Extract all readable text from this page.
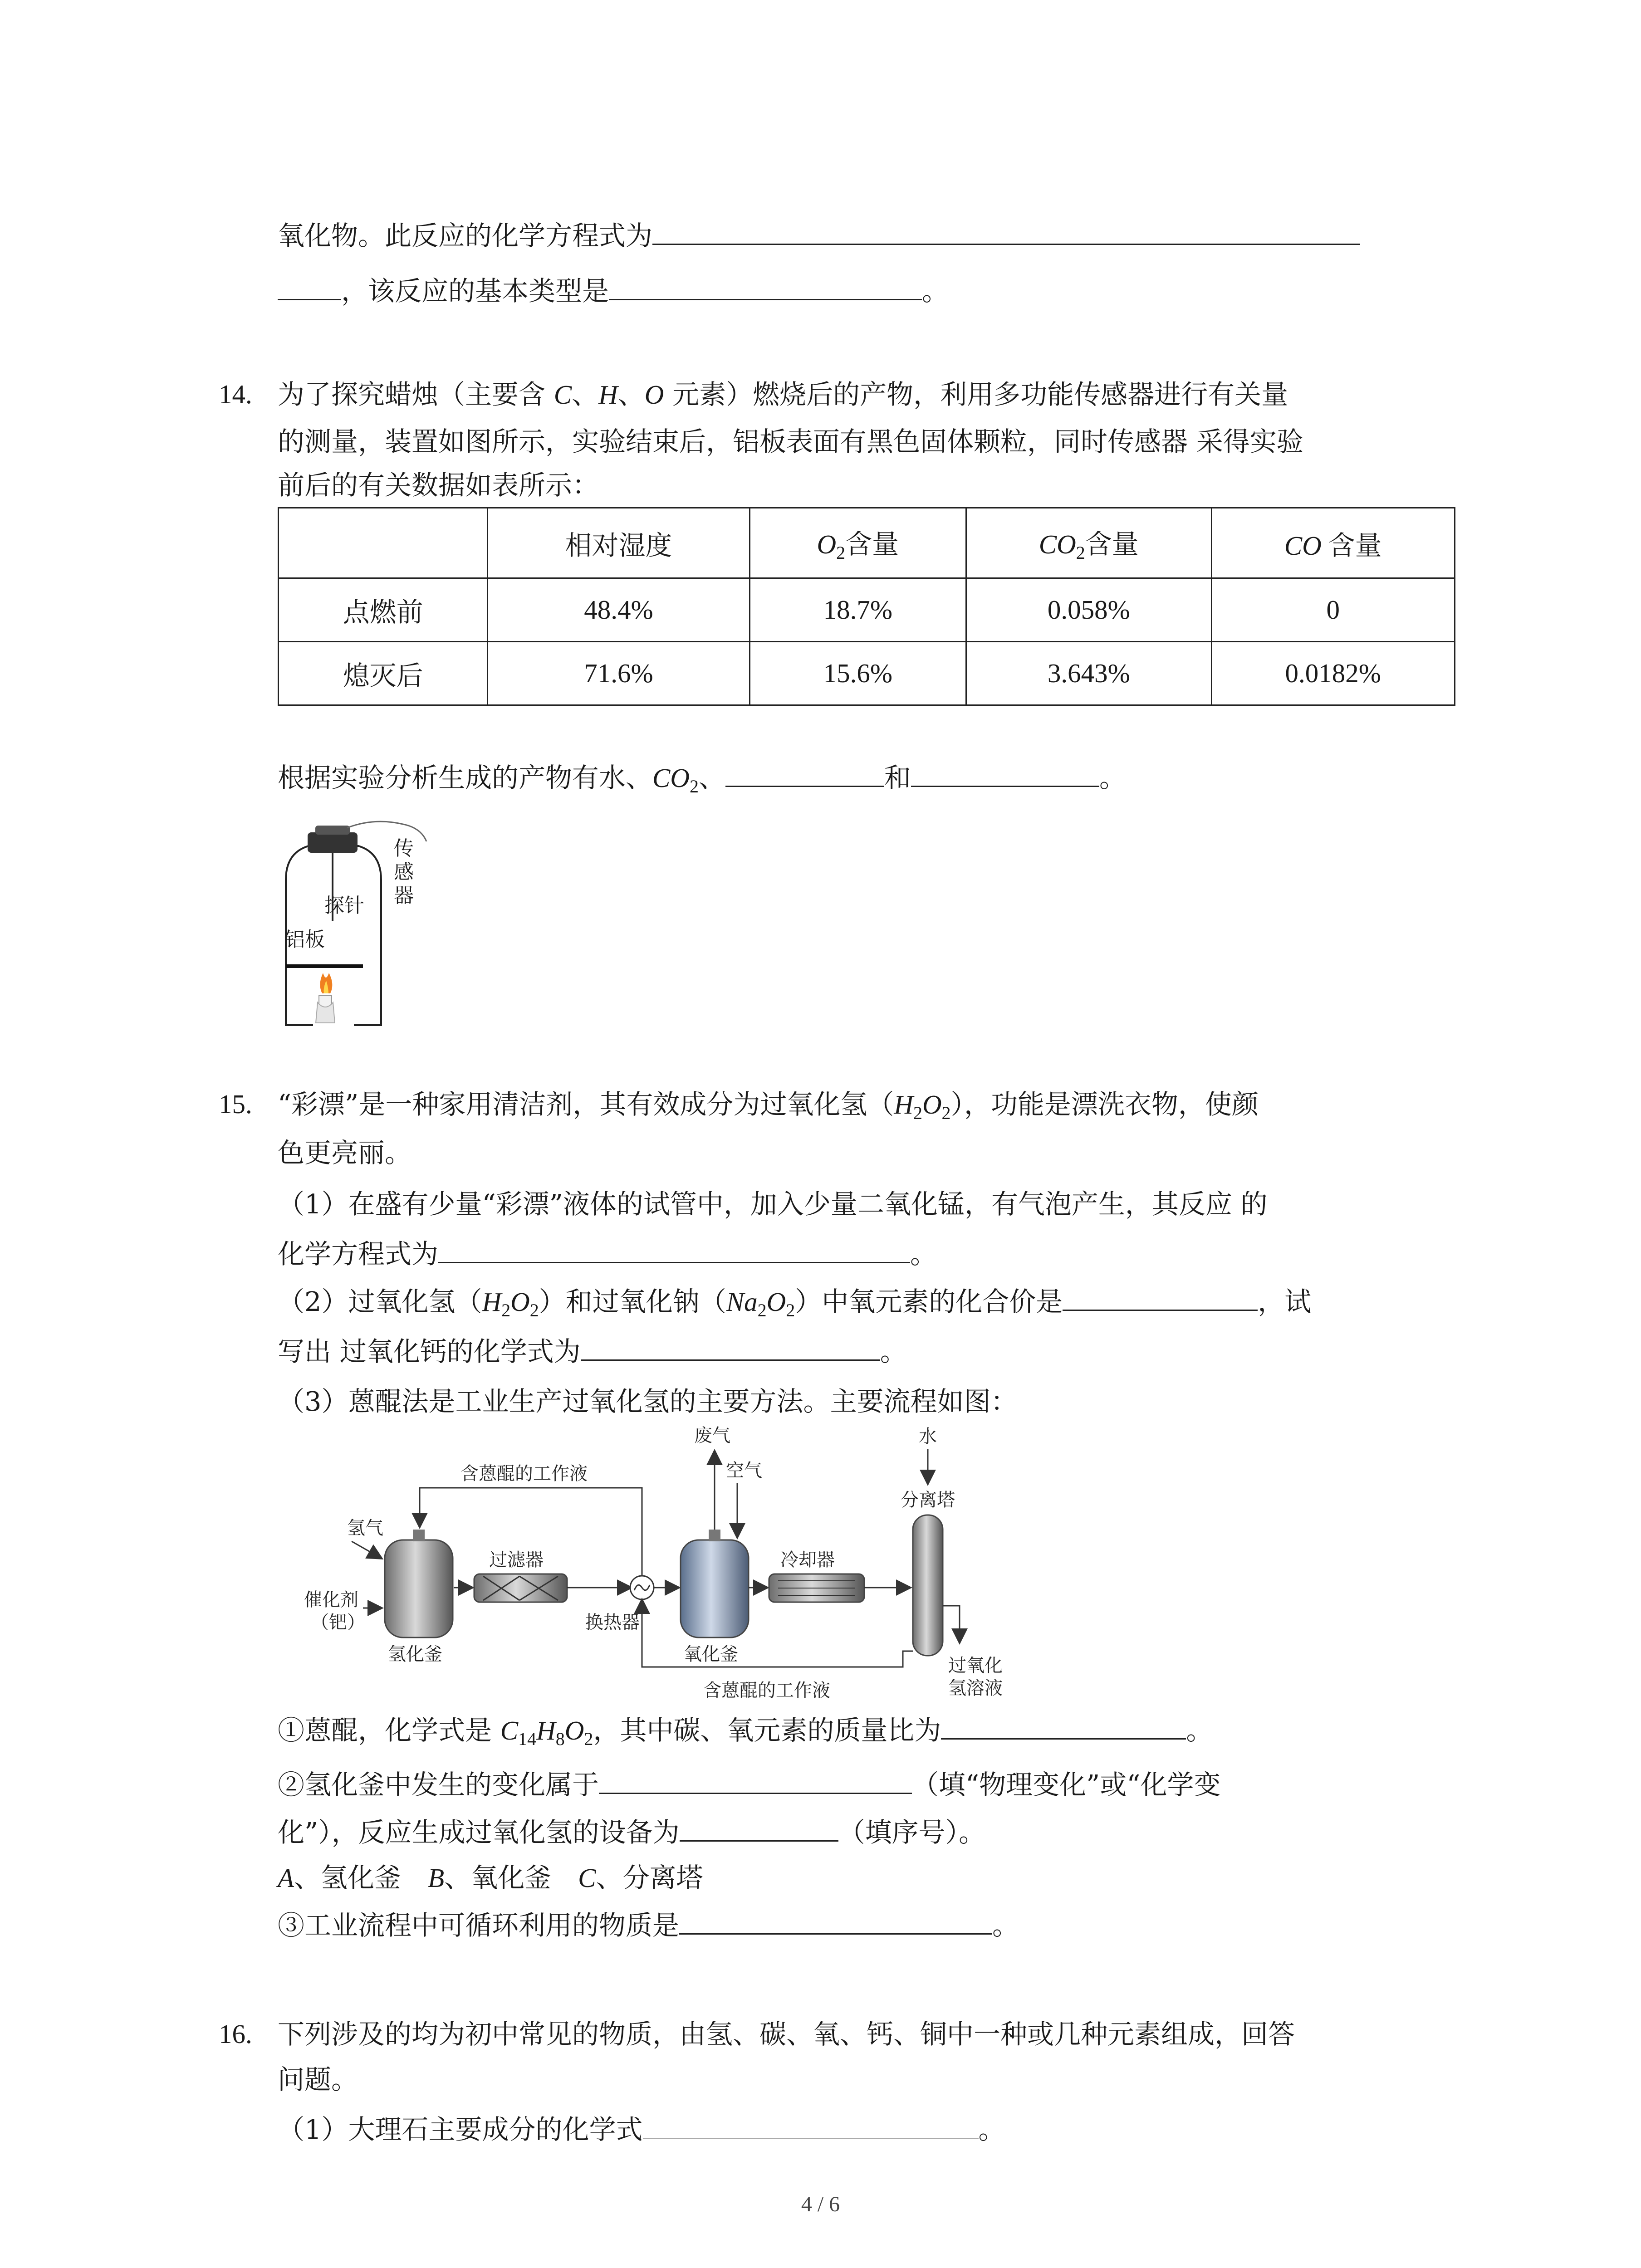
氧化物。此反应的化学方程式为
，该反应的基本类型是	。
14. 为了探究蜡烛（主要含 C、H、O 元素）燃烧后的产物，利用多功能传感器进行有关量
的测量，装置如图所示，实验结束后，铝板表面有黑色固体颗粒，同时传感器 采得实验
前后的有关数据如表所示：
	相对湿度	$O_2$含量	$CO_2$含量	CO 含量
点燃前	48.4%	18.7%	0.058%	0
熄灭后	71.6%	15.6%	3.643%	0.0182%
根据实验分析生成的产物有水、$CO_2$、	和	。
传感器
探针
铝板
15. “彩漂”是一种家用清洁剂，其有效成分为过氧化氢$(H_2O_2)$，功能是漂洗衣物，使颜
色更亮丽。
（1）在盛有少量“彩漂”液体的试管中，加入少量二氧化锰，有气泡产生，其反应 的
化学方程式为	。
（2）过氧化氢$(H_2O_2)$和过氧化钠$(Na_2O_2)$中氧元素的化合价是	，试
写出 过氧化钙的化学式为	。
（3）蒽醌法是工业生产过氧化氢的主要方法。主要流程如图：
含蒽醌的工作液
氢气
催化剂
（钯）
氢化釜
过滤器
换热器
氧化釜
废气
空气
冷却器
水
分离塔
过氧化
氢溶液
含蒽醌的工作液
①蒽醌，化学式是 $C_{14}H_8O_2$，其中碳、氧元素的质量比为	。
②氢化釜中发生的变化属于	（填“物理变化”或“化学变
化”），反应生成过氧化氢的设备为	（填序号）。
A、氢化釜　B、氧化釜　C、分离塔
③工业流程中可循环利用的物质是	。
16. 下列涉及的均为初中常见的物质，由氢、碳、氧、钙、铜中一种或几种元素组成，回答
问题。
（1）大理石主要成分的化学式	。
4 / 6
